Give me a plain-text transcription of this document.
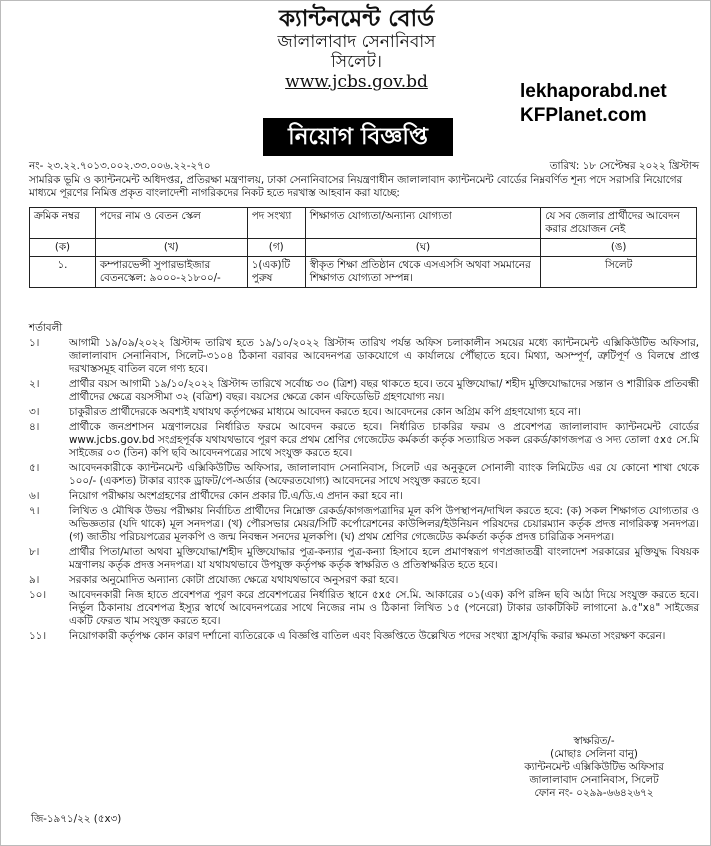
ক্যান্টনমেন্ট বোর্ড
জালালাবাদ সেনানিবাস
সিলেট।
www.jcbs.gov.bd
নিয়োগ বিজ্ঞপ্তি
lekhaporabd.net
KFPlanet.com
নং- ২৩.২২.৭০১৩.০০২.৩৩.০০৬.২২-২৭০	তারিখ: ১৮ সেপ্টেম্বর ২০২২ খ্রিস্টাব্দ
সামরিক ভূমি ও ক্যান্টনমেন্ট অধিদপ্তর, প্রতিরক্ষা মন্ত্রণালয়, ঢাকা সেনানিবাসের নিয়ন্ত্রণাধীন জালালাবাদ ক্যান্টনমেন্ট বোর্ডের নিম্নবর্ণিত শূন্য পদে সরাসরি নিয়োগের মাধ্যমে পূরণের নিমিত্ত প্রকৃত বাংলাদেশী নাগরিকদের নিকট হতে দরখাস্ত আহবান করা যাচ্ছে:
ক্রমিক নম্বর	পদের নাম ও বেতন স্কেল	পদ সংখ্যা	শিক্ষাগত যোগ্যতা/অন্যান্য যোগ্যতা	যে সব জেলার প্রার্থীদের আবেদন করার প্রয়োজন নেই
(ক)	(খ)	(গ)	(ঘ)	(ঙ)
১.	কম্পারভেন্সী সুপারভাইজার বেতনস্কেল: ৯০০০-২১৮০০/-	১(এক)টি পুরুষ	স্বীকৃত শিক্ষা প্রতিষ্ঠান থেকে এসএসসি অথবা সমমানের শিক্ষাগত যোগ্যতা সম্পন্ন।	সিলেট
শর্তাবলী
১।	আগামী ১৯/০৯/২০২২ খ্রিস্টাব্দ তারিখ হতে ১৯/১০/২০২২ খ্রিস্টাব্দ তারিখ পর্যন্ত অফিস চলাকালীন সময়ের মধ্যে ক্যান্টনমেন্ট এক্সিকিউটিভ অফিসার, জালালাবাদ সেনানিবাস, সিলেট-৩১০৪ ঠিকানা বরাবর আবেদনপত্র ডাকযোগে এ কার্যালয়ে পৌঁছাতে হবে। মিথ্যা, অসম্পূর্ণ, ত্রুটিপূর্ণ ও বিলম্বে প্রাপ্ত দরখাস্তসমূহ বাতিল বলে গণ্য হবে।
২।	প্রার্থীর বয়স আগামী ১৯/১০/২০২২ খ্রিস্টাব্দ তারিখে সর্বোচ্চ ৩০ (ত্রিশ) বছর থাকতে হবে। তবে মুক্তিযোদ্ধা/ শহীদ মুক্তিযোদ্ধাদের সন্তান ও শারীরিক প্রতিবন্ধী প্রার্থীদের ক্ষেত্রে বয়সসীমা ৩২ (বত্রিশ) বছর। বয়সের ক্ষেত্রে কোন এফিডেভিট গ্রহণযোগ্য নয়।
৩।	চাকুরীরত প্রার্থীদেরকে অবশ্যই যথাযথ কর্তৃপক্ষের মাধ্যমে আবেদন করতে হবে। আবেদনের কোন অগ্রিম কপি গ্রহণযোগ্য হবে না।
৪।	প্রার্থীকে জনপ্রশাসন মন্ত্রণালয়ের নির্ধারিত ফরমে আবেদন করতে হবে। নির্ধারিত চাকরির ফরম ও প্রবেশপত্র জালালাবাদ ক্যান্টনমেন্ট বোর্ডের www.jcbs.gov.bd সংগ্রহপূর্বক যথাযথভাবে পূরণ করে প্রথম শ্রেণির গেজেটেড কর্মকর্তা কর্তৃক সত্যায়িত সকল রেকর্ড/কাগজপত্র ও সদ্য তোলা ৫x৫ সে.মি সাইজের ০৩ (তিন) কপি ছবি আবেদনপত্রের সাথে সংযুক্ত করতে হবে।
৫।	আবেদনকারীকে ক্যান্টনমেন্ট এক্সিকিউটিভ অফিসার, জালালাবাদ সেনানিবাস, সিলেট এর অনুকূলে সোনালী ব্যাংক লিমিটেড এর যে কোনো শাখা থেকে ১০০/- (একশত) টাকার ব্যাংক ড্রাফট/পে-অর্ডার (অফেরতযোগ্য) আবেদনের সাথে সংযুক্ত করতে হবে।
৬।	নিয়োগ পরীক্ষায় অংশগ্রহণের প্রার্থীদের কোন প্রকার টি.এ/ডি.এ প্রদান করা হবে না।
৭।	লিখিত ও মৌখিক উভয় পরীক্ষায় নির্বাচিত প্রার্থীদের নিম্নোক্ত রেকর্ড/কাগজপত্রাদির মূল কপি উপস্থাপন/দাখিল করতে হবে: (ক) সকল শিক্ষাগত যোগ্যতার ও অভিজ্ঞতার (যদি থাকে) মূল সনদপত্র। (খ) পৌরসভার মেয়র/সিটি কর্পোরেশনের কাউন্সিলর/ইউনিয়ন পরিষদের চেয়ারম্যান কর্তৃক প্রদত্ত নাগরিকত্ব সনদপত্র। (গ) জাতীয় পরিচয়পত্রের মূলকপি ও জন্ম নিবন্ধন সনদের মূলকপি। (ঘ) প্রথম শ্রেণির গেজেটেড কর্মকর্তা কর্তৃক প্রদত্ত চারিত্রিক সনদপত্র।
৮।	প্রার্থীর পিতা/মাতা অথবা মুক্তিযোদ্ধা/শহীদ মুক্তিযোদ্ধার পুত্র-কন্যার পুত্র-কন্যা হিসাবে হলে প্রমাণস্বরূপ গণপ্রজাতন্ত্রী বাংলাদেশ সরকারের মুক্তিযুদ্ধ বিষয়ক মন্ত্রণালয় কর্তৃক প্রদত্ত সনদপত্র। যা যথাযথভাবে উপযুক্ত কর্তৃপক্ষ কর্তৃক স্বাক্ষরিত ও প্রতিস্বাক্ষরিত হতে হবে।
৯।	সরকার অনুমোদিত অন্যান্য কোটা প্রযোজ্য ক্ষেত্রে যথাযথভাবে অনুসরণ করা হবে।
১০।	আবেদনকারী নিজ হাতে প্রবেশপত্র পূরণ করে প্রবেশপত্রের নির্ধারিত স্থানে ৫x৫ সে.মি. আকারের ০১(এক) কপি রঙ্গিন ছবি আঠা দিয়ে সংযুক্ত করতে হবে। নির্ভুল ঠিকানায় প্রবেশপত্র ইস্যুর স্বার্থে আবেদনপত্রের সাথে নিজের নাম ও ঠিকানা লিখিত ১৫ (পনেরো) টাকার ডাকটিকিট লাগানো ৯.৫"x৪" সাইজের একটি ফেরত খাম সংযুক্ত করতে হবে।
১১।	নিয়োগকারী কর্তৃপক্ষ কোন কারণ দর্শানো ব্যতিরেকে এ বিজ্ঞপ্তি বাতিল এবং বিজ্ঞপ্তিতে উল্লেখিত পদের সংখ্যা হ্রাস/বৃদ্ধি করার ক্ষমতা সংরক্ষণ করেন।
স্বাক্ষরিত/-
(মোছাঃ সেলিনা বানু)
ক্যান্টনমেন্ট এক্সিকিউটিভ অফিসার
জালালাবাদ সেনানিবাস, সিলেট
ফোন নং- ০২৯৯-৬৬৪২৬৭২
জি-১৯৭১/২২ (৫x৩)
